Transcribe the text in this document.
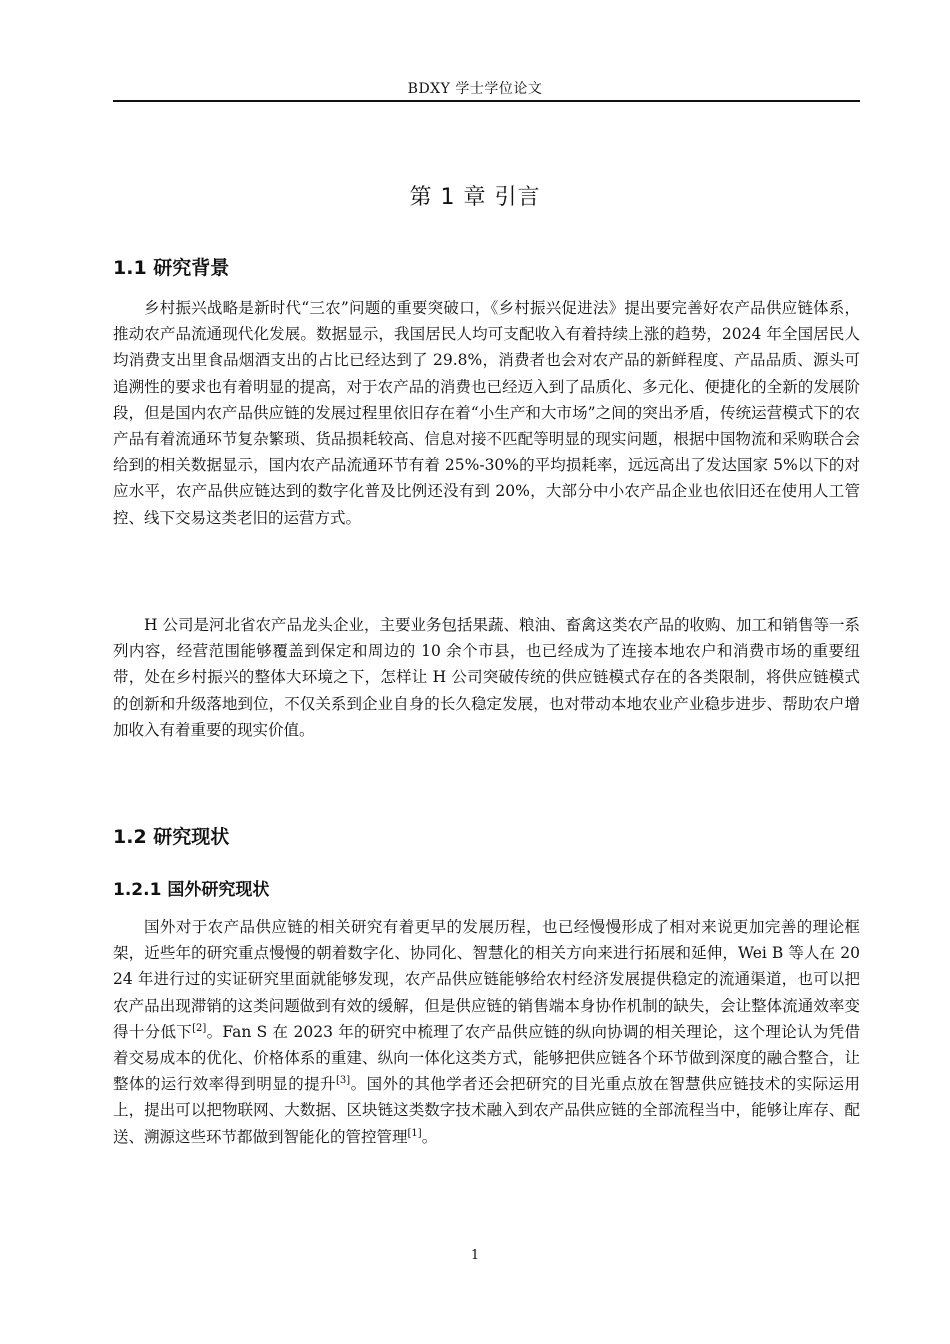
BDXY 学士学位论文
第 1 章 引言
1.1 研究背景

乡村振兴战略是新时代“三农”问题的重要突破口，《乡村振兴促进法》提出要完善好农产品供应链体系，推动农产品流通现代化发展。数据显示，我国居民人均可支配收入有着持续上涨的趋势，2024 年全国居民人均消费支出里食品烟酒支出的占比已经达到了 29.8%，消费者也会对农产品的新鲜程度、产品品质、源头可追溯性的要求也有着明显的提高，对于农产品的消费也已经迈入到了品质化、多元化、便捷化的全新的发展阶段，但是国内农产品供应链的发展过程里依旧存在着“小生产和大市场”之间的突出矛盾，传统运营模式下的农产品有着流通环节复杂繁琐、货品损耗较高、信息对接不匹配等明显的现实问题，根据中国物流和采购联合会给到的相关数据显示，国内农产品流通环节有着 25%-30%的平均损耗率，远远高出了发达国家 5%以下的对应水平，农产品供应链达到的数字化普及比例还没有到 20%，大部分中小农产品企业也依旧还在使用人工管控、线下交易这类老旧的运营方式。

H 公司是河北省农产品龙头企业，主要业务包括果蔬、粮油、畜禽这类农产品的收购、加工和销售等一系列内容，经营范围能够覆盖到保定和周边的 10 余个市县，也已经成为了连接本地农户和消费市场的重要纽带，处在乡村振兴的整体大环境之下，怎样让 H 公司突破传统的供应链模式存在的各类限制，将供应链模式的创新和升级落地到位，不仅关系到企业自身的长久稳定发展，也对带动本地农业产业稳步进步、帮助农户增加收入有着重要的现实价值。

1.2 研究现状
1.2.1 国外研究现状

国外对于农产品供应链的相关研究有着更早的发展历程，也已经慢慢形成了相对来说更加完善的理论框架，近些年的研究重点慢慢的朝着数字化、协同化、智慧化的相关方向来进行拓展和延伸，Wei B 等人在 2024 年进行过的实证研究里面就能够发现，农产品供应链能够给农村经济发展提供稳定的流通渠道，也可以把农产品出现滞销的这类问题做到有效的缓解，但是供应链的销售端本身协作机制的缺失，会让整体流通效率变得十分低下[2]。Fan S 在 2023 年的研究中梳理了农产品供应链的纵向协调的相关理论，这个理论认为凭借着交易成本的优化、价格体系的重建、纵向一体化这类方式，能够把供应链各个环节做到深度的融合整合，让整体的运行效率得到明显的提升[3]。国外的其他学者还会把研究的目光重点放在智慧供应链技术的实际运用上，提出可以把物联网、大数据、区块链这类数字技术融入到农产品供应链的全部流程当中，能够让库存、配送、溯源这些环节都做到智能化的管控管理[1]。

1
